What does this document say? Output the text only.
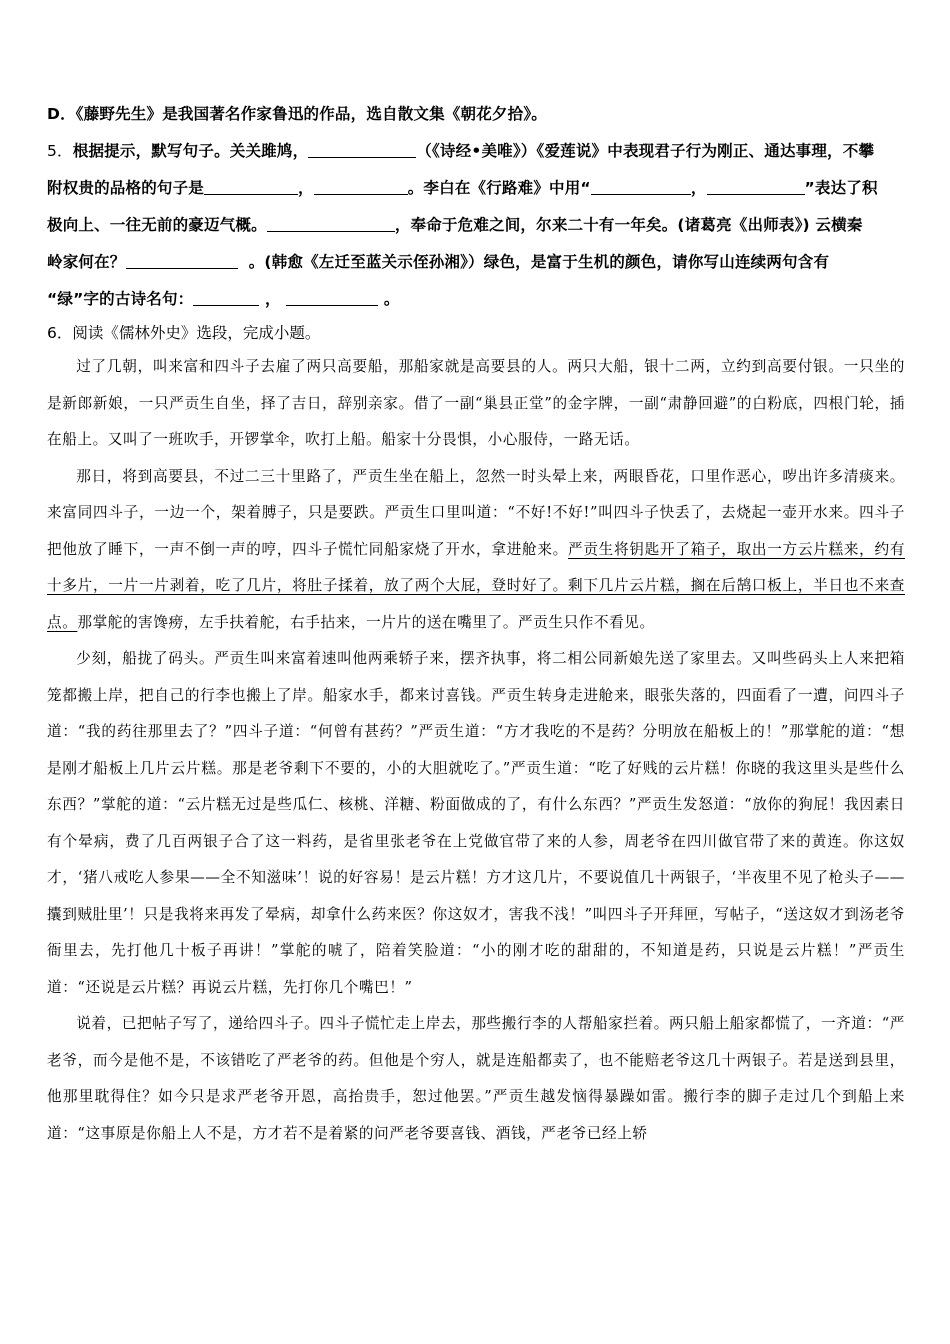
D．《藤野先生》是我国著名作家鲁迅的作品，选自散文集《朝花夕拾》。

5．根据提示，默写句子。关关雎鸠，	（《诗经•美唯》）《爱莲说》中表现君子行为刚正、通达事理，不攀

附权贵的品格的句子是	，	。李白在《行路难》中用“	，	”表达了积

极向上、一往无前的豪迈气概。	，奉命于危难之间，尔来二十有一年矣。(诸葛亮《出师表》) 云横秦

岭家何在？	。(韩愈《左迁至蓝关示侄孙湘》）绿色，是富于生机的颜色，请你写山连续两句含有

“绿”字的古诗名句：	，	。

6．阅读《儒林外史》选段，完成小题。

过了几朝，叫来富和四斗子去雇了两只高要船，那船家就是高要县的人。两只大船，银十二两，立约到高要付银。一只坐的是新郎新娘，一只严贡生自坐，择了吉日，辞别亲家。借了一副“巢县正堂”的金字牌，一副“肃静回避”的白粉底，四根门轮，插在船上。又叫了一班吹手，开锣掌伞，吹打上船。船家十分畏惧，小心服侍，一路无话。

那日，将到高要县，不过二三十里路了，严贡生坐在船上，忽然一时头晕上来，两眼昏花，口里作恶心，哕出许多清痰来。来富同四斗子，一边一个，架着膊子，只是要跌。严贡生口里叫道：“不好!不好!”叫四斗子快丢了，去烧起一壶开水来。四斗子把他放了睡下，一声不倒一声的哼，四斗子慌忙同船家烧了开水，拿进舱来。严贡生将钥匙开了箱子，取出一方云片糕来，约有十多片，一片一片剥着，吃了几片，将肚子揉着，放了两个大屁，登时好了。剩下几片云片糕，搁在后鹄口板上，半日也不来查点。那掌舵的害馋痨，左手扶着舵，右手拈来，一片片的送在嘴里了。严贡生只作不看见。

少刻，船拢了码头。严贡生叫来富着速叫他两乘轿子来，摆齐执事，将二相公同新娘先送了家里去。又叫些码头上人来把箱笼都搬上岸，把自己的行李也搬上了岸。船家水手，都来讨喜钱。严贡生转身走进舱来，眼张失落的，四面看了一遭，问四斗子道：“我的药往那里去了？”四斗子道：“何曾有甚药？”严贡生道：“方才我吃的不是药？分明放在船板上的！”那掌舵的道：“想是刚才船板上几片云片糕。那是老爷剩下不要的，小的大胆就吃了。”严贡生道：“吃了好贱的云片糕！你晓的我这里头是些什么东西？”掌舵的道：“云片糕无过是些瓜仁、核桃、洋糖、粉面做成的了，有什么东西？”严贡生发怒道：“放你的狗屁！我因素日有个晕病，费了几百两银子合了这一料药，是省里张老爷在上党做官带了来的人参，周老爷在四川做官带了来的黄连。你这奴才，‘猪八戒吃人参果——全不知滋味’！说的好容易！是云片糕！方才这几片，不要说值几十两银子，‘半夜里不见了枪头子——攮到贼肚里’！只是我将来再发了晕病，却拿什么药来医？你这奴才，害我不浅！”叫四斗子开拜匣，写帖子，“送这奴才到汤老爷衙里去，先打他几十板子再讲！”掌舵的唬了，陪着笑脸道：“小的刚才吃的甜甜的，不知道是药，只说是云片糕！”严贡生道：“还说是云片糕？再说云片糕，先打你几个嘴巴！”

说着，已把帖子写了，递给四斗子。四斗子慌忙走上岸去，那些搬行李的人帮船家拦着。两只船上船家都慌了，一齐道：“严老爷，而今是他不是，不该错吃了严老爷的药。但他是个穷人，就是连船都卖了，也不能赔老爷这几十两银子。若是送到县里，他那里耽得住？如今只是求严老爷开恩，高抬贵手，恕过他罢。”严贡生越发恼得暴躁如雷。搬行李的脚子走过几个到船上来道：“这事原是你船上人不是，方才若不是着紧的问严老爷要喜钱、酒钱，严老爷已经上轿
